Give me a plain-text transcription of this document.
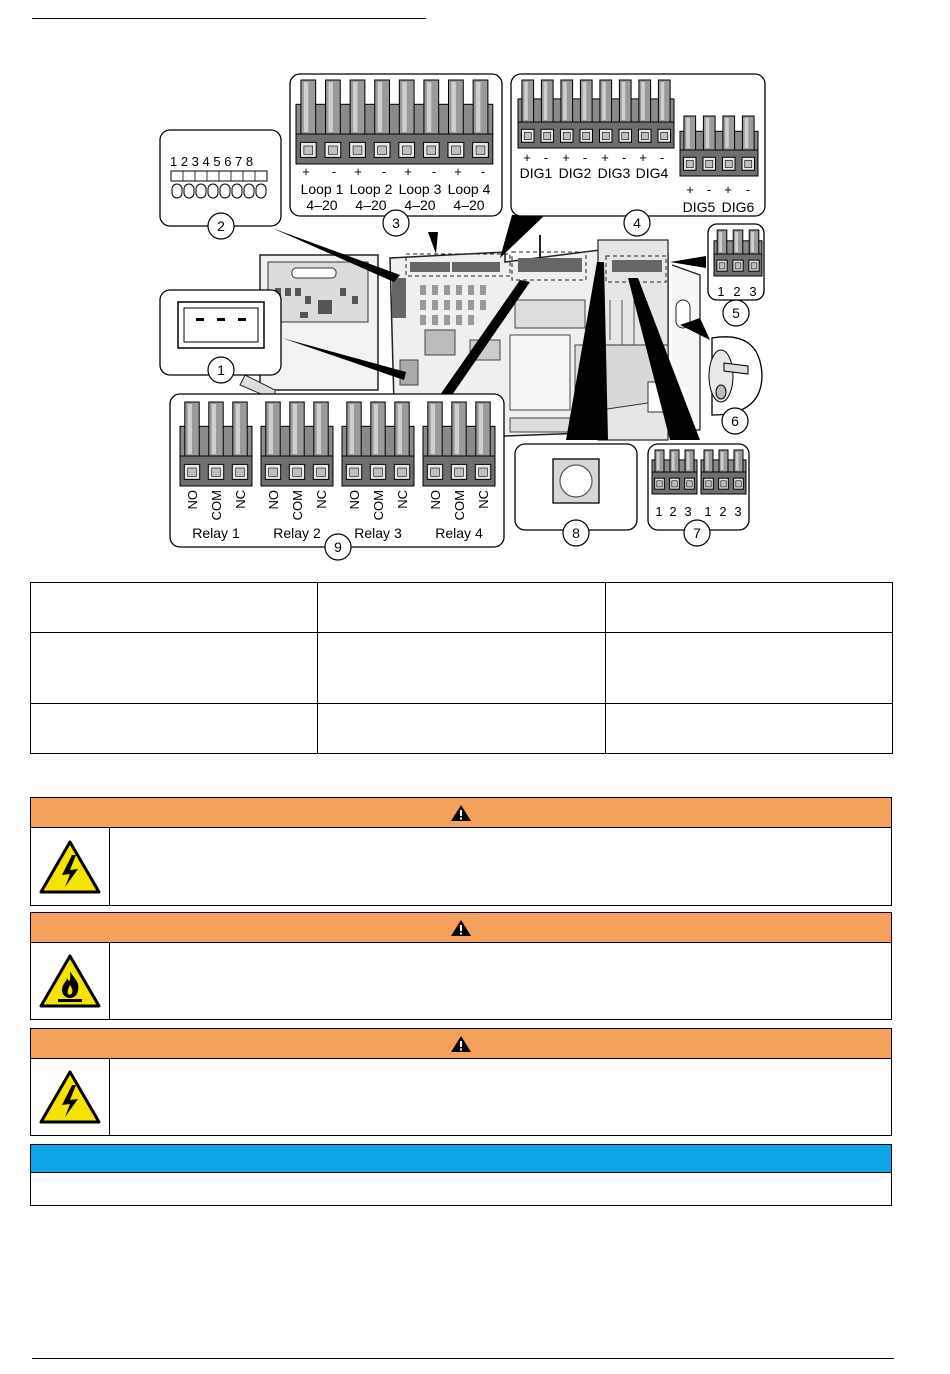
1 2 3 4 5 6 7 8
+ - + - + - + -
Loop 1 Loop 2 Loop 3 Loop 4
4–20 4–20 4–20 4–20
+ - + - + - + -
DIG1 DIG2 DIG3 DIG4
+ - + -
DIG5 DIG6
1 2 3
1 2 3 1 2 3
NO COM NC NO COM NC NO COM NC NO COM NC
Relay 1 Relay 2 Relay 3 Relay 4
1
2	3	4
5
6
7
8
9
